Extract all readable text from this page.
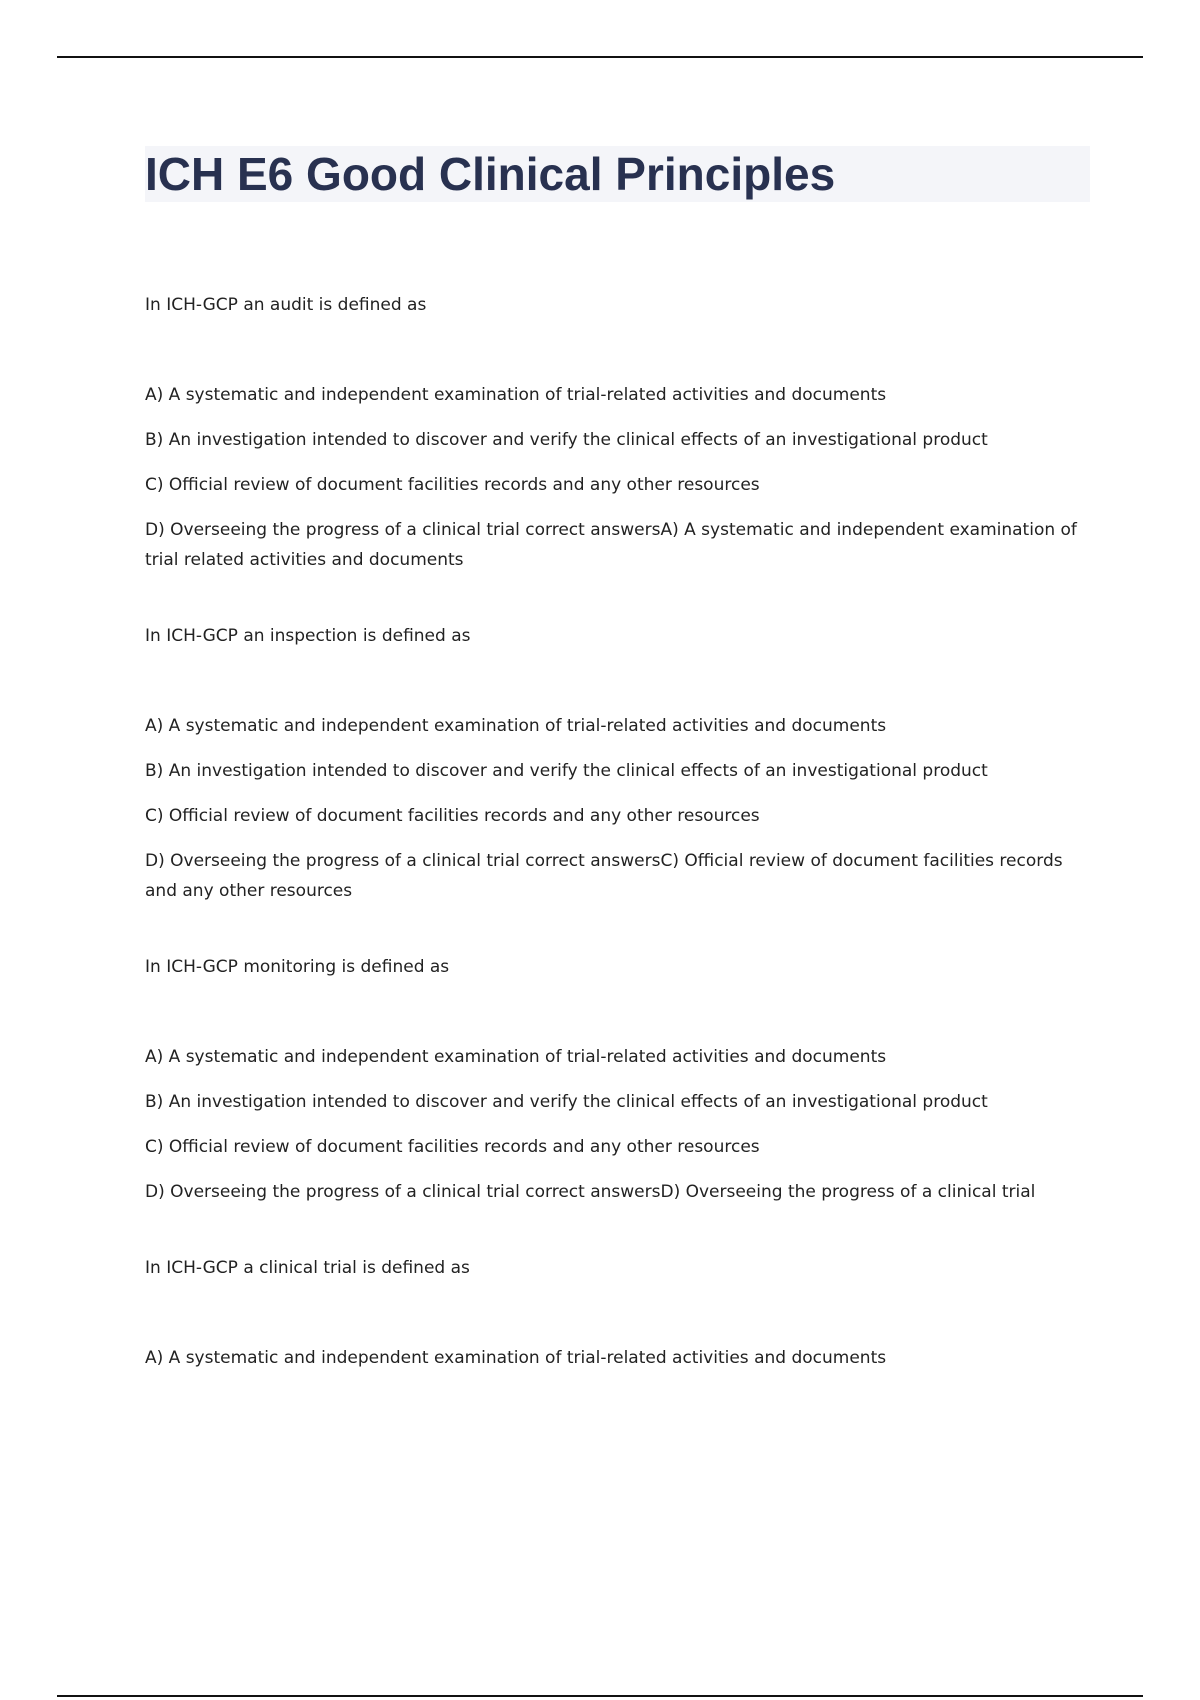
ICH E6 Good Clinical Principles

In ICH-GCP an audit is defined as

A) A systematic and independent examination of trial-related activities and documents

B) An investigation intended to discover and verify the clinical effects of an investigational product

C) Official review of document facilities records and any other resources

D) Overseeing the progress of a clinical trial correct answersA) A systematic and independent examination of trial related activities and documents

In ICH-GCP an inspection is defined as

A) A systematic and independent examination of trial-related activities and documents

B) An investigation intended to discover and verify the clinical effects of an investigational product

C) Official review of document facilities records and any other resources

D) Overseeing the progress of a clinical trial correct answersC) Official review of document facilities records and any other resources

In ICH-GCP monitoring is defined as

A) A systematic and independent examination of trial-related activities and documents

B) An investigation intended to discover and verify the clinical effects of an investigational product

C) Official review of document facilities records and any other resources

D) Overseeing the progress of a clinical trial correct answersD) Overseeing the progress of a clinical trial

In ICH-GCP a clinical trial is defined as

A) A systematic and independent examination of trial-related activities and documents
